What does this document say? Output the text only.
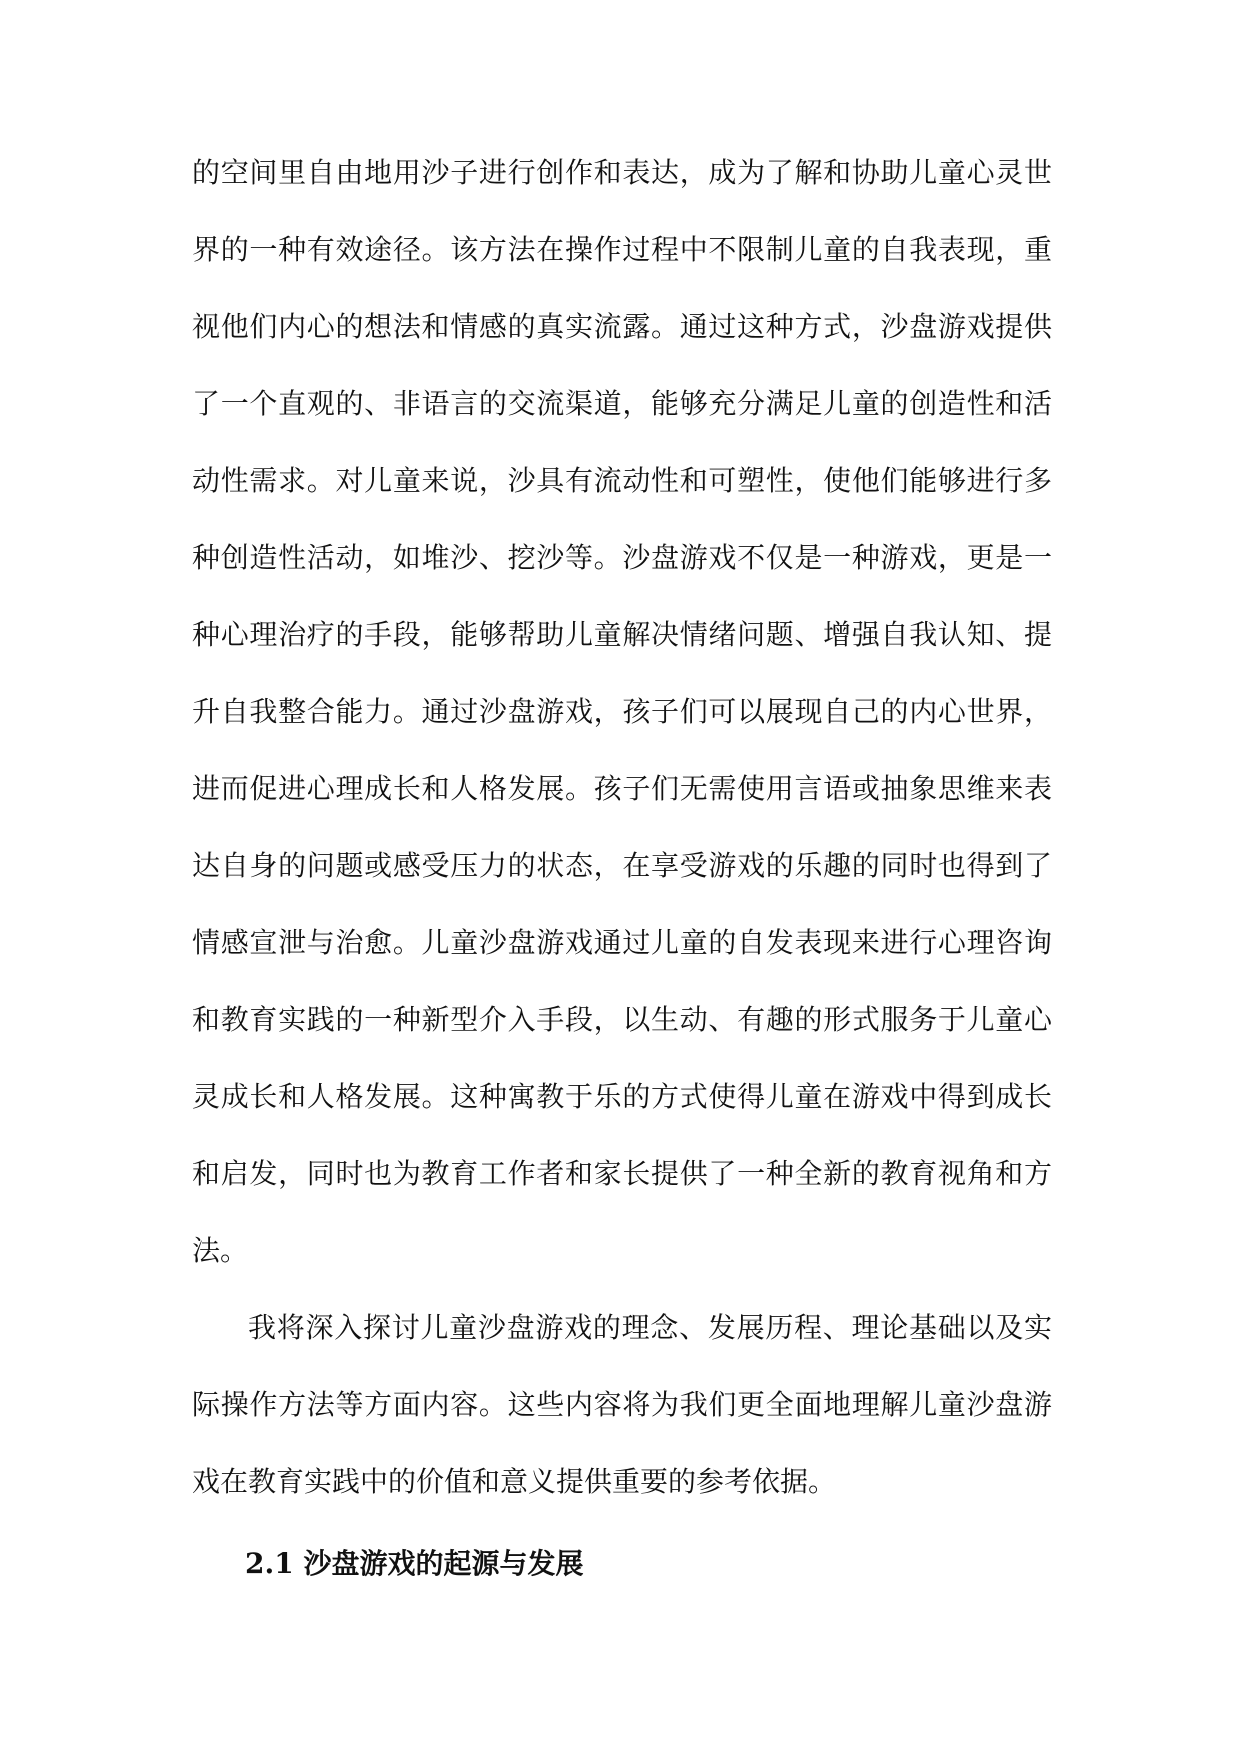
的空间里自由地用沙子进行创作和表达，成为了解和协助儿童心灵世
界的一种有效途径。该方法在操作过程中不限制儿童的自我表现，重
视他们内心的想法和情感的真实流露。通过这种方式，沙盘游戏提供
了一个直观的、非语言的交流渠道，能够充分满足儿童的创造性和活
动性需求。对儿童来说，沙具有流动性和可塑性，使他们能够进行多
种创造性活动，如堆沙、挖沙等。沙盘游戏不仅是一种游戏，更是一
种心理治疗的手段，能够帮助儿童解决情绪问题、增强自我认知、提
升自我整合能力。通过沙盘游戏，孩子们可以展现自己的内心世界，
进而促进心理成长和人格发展。孩子们无需使用言语或抽象思维来表
达自身的问题或感受压力的状态，在享受游戏的乐趣的同时也得到了
情感宣泄与治愈。儿童沙盘游戏通过儿童的自发表现来进行心理咨询
和教育实践的一种新型介入手段，以生动、有趣的形式服务于儿童心
灵成长和人格发展。这种寓教于乐的方式使得儿童在游戏中得到成长
和启发，同时也为教育工作者和家长提供了一种全新的教育视角和方
法。
我将深入探讨儿童沙盘游戏的理念、发展历程、理论基础以及实
际操作方法等方面内容。这些内容将为我们更全面地理解儿童沙盘游
戏在教育实践中的价值和意义提供重要的参考依据。
2.1 沙盘游戏的起源与发展
